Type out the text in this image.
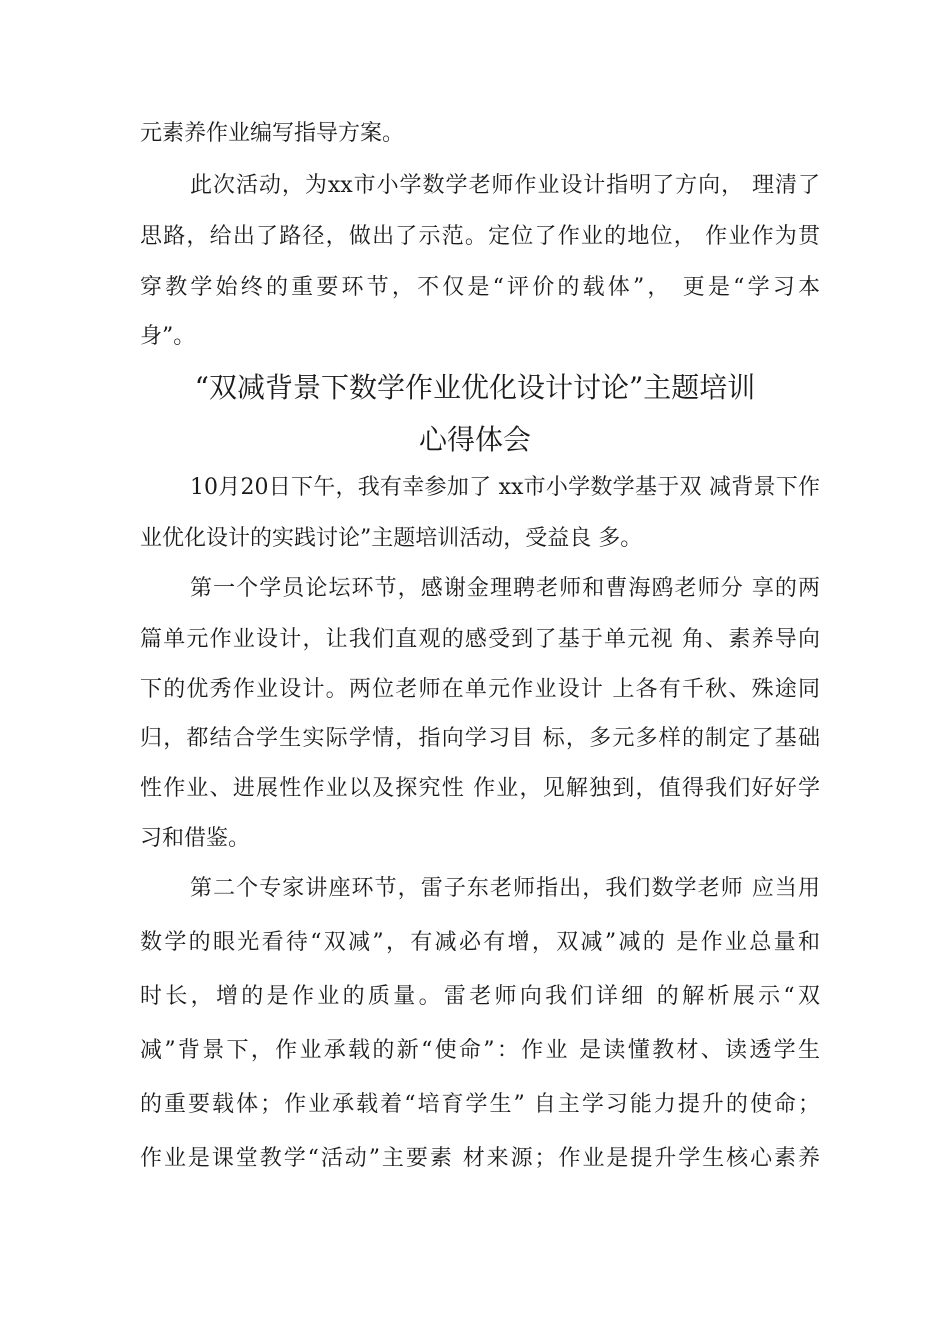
元素养作业编写指导方案。
此次活动，为xx市小学数学老师作业设计指明了方向， 理清了
思路，给出了路径，做出了示范。定位了作业的地位， 作业作为贯
穿教学始终的重要环节，不仅是“评价的载体”， 更是“学习本
身”。
“双减背景下数学作业优化设计讨论”主题培训
心得体会
10月20日下午，我有幸参加了 xx市小学数学基于双 减背景下作
业优化设计的实践讨论”主题培训活动，受益良 多。
第一个学员论坛环节，感谢金理聘老师和曹海鸥老师分 享的两
篇单元作业设计，让我们直观的感受到了基于单元视 角、素养导向
下的优秀作业设计。两位老师在单元作业设计 上各有千秋、殊途同
归，都结合学生实际学情，指向学习目 标，多元多样的制定了基础
性作业、进展性作业以及探究性 作业，见解独到，值得我们好好学
习和借鉴。
第二个专家讲座环节，雷子东老师指出，我们数学老师 应当用
数学的眼光看待“双减”，有减必有增，双减”减的 是作业总量和
时长，增的是作业的质量。雷老师向我们详细 的解析展示“双
减”背景下，作业承载的新“使命”：作业 是读懂教材、读透学生
的重要载体；作业承载着“培育学生” 自主学习能力提升的使命；
作业是课堂教学“活动”主要素 材来源；作业是提升学生核心素养
